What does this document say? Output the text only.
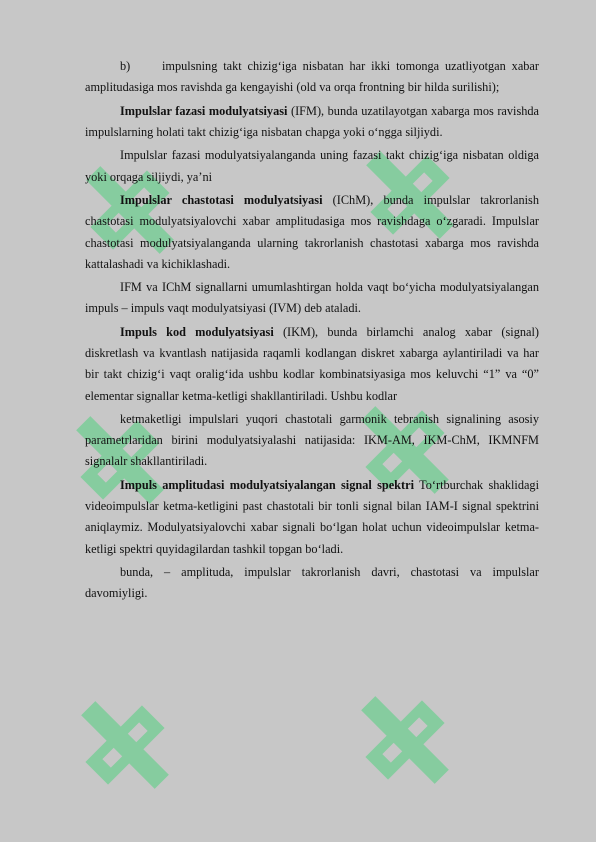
b)	impulsning takt chizig‘iga nisbatan har ikki tomonga uzatliyotgan xabar amplitudasiga mos ravishda ga kengayishi (old va orqa frontning bir hilda surilishi);

Impulslar fazasi modulyatsiyasi (IFM), bunda uzatilayotgan xabarga mos ravishda impulslarning holati takt chizig‘iga nisbatan chapga yoki o‘ngga siljiydi.

Impulslar fazasi modulyatsiyalanganda uning fazasi takt chizig‘iga nisbatan oldiga yoki orqaga siljiydi, ya’ni

Impulslar chastotasi modulyatsiyasi (IChM), bunda impulslar takrorlanish chastotasi modulyatsiyalovchi xabar amplitudasiga mos ravishdaga o‘zgaradi. Impulslar chastotasi modulyatsiyalanganda ularning takrorlanish chastotasi xabarga mos ravishda kattalashadi va kichiklashadi.

IFM va IChM signallarni umumlashtirgan holda vaqt bo‘yicha modulyatsiyalangan impuls – impuls vaqt modulyatsiyasi (IVM) deb ataladi.

Impuls kod modulyatsiyasi (IKM), bunda birlamchi analog xabar (signal) diskretlash va kvantlash natijasida raqamli kodlangan diskret xabarga aylantiriladi va har bir takt chizig‘i vaqt oralig‘ida ushbu kodlar kombinatsiyasiga mos keluvchi “1” va “0” elementar signallar ketma-ketligi shakllantiriladi. Ushbu kodlar

ketmaketligi impulslari yuqori chastotali garmonik tebranish signalining asosiy parametrlaridan birini modulyatsiyalashi natijasida: IKM-AM, IKM-ChM, IKMNFM signalalr shakllantiriladi.

Impuls amplitudasi modulyatsiyalangan signal spektri To‘rtburchak shaklidagi videoimpulslar ketma-ketligini past chastotali bir tonli signal bilan IAM-I signal spektrini aniqlaymiz. Modulyatsiyalovchi xabar signali bo‘lgan holat uchun videoimpulslar ketma-ketligi spektri quyidagilardan tashkil topgan bo‘ladi.

bunda, – amplituda, impulslar takrorlanish davri, chastotasi va impulslar davomiyligi.
